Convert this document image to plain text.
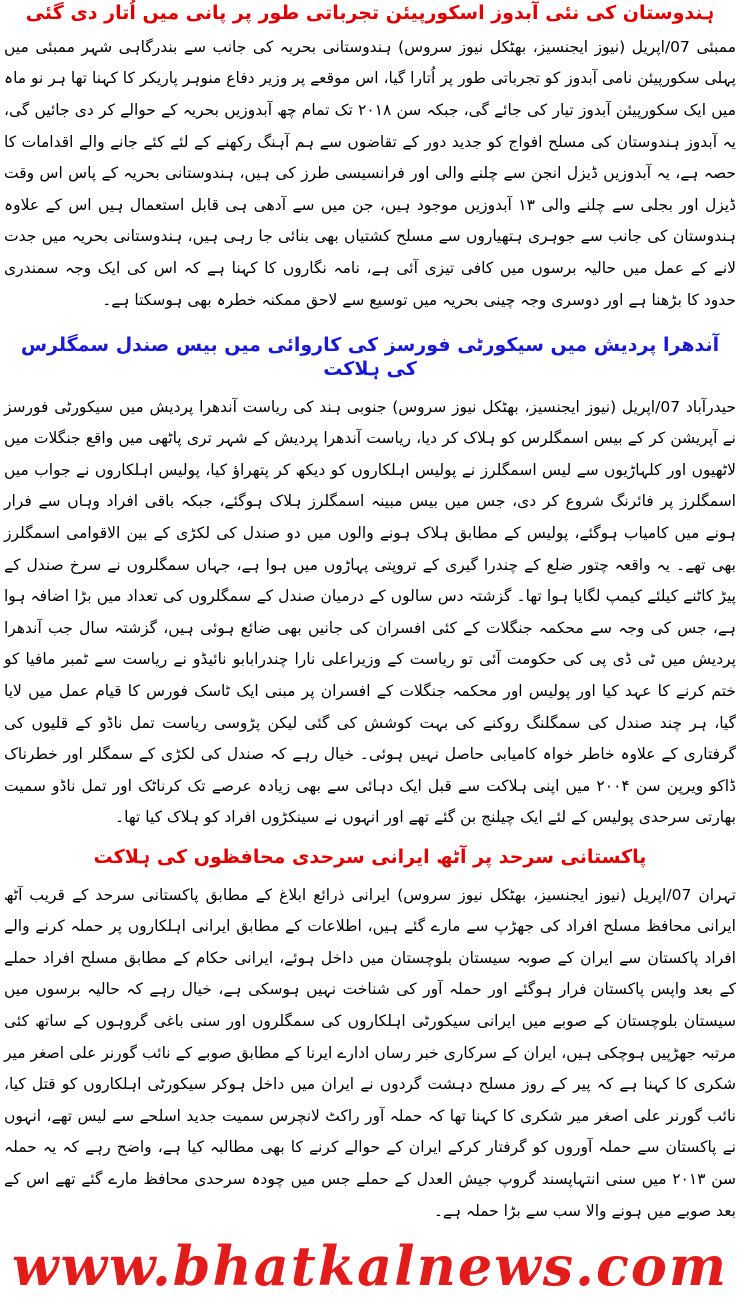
ہندوستان کی نئی آبدوز اسکورپیئن تجرباتی طور پر پانی میں اُتار دی گئی

ممبئی 07/اپریل (نیوز ایجنسیز، بھٹکل نیوز سروس) ہندوستانی بحریہ کی جانب سے بندرگاہی شہر ممبئی میں پہلی سکورپیئن نامی آبدوز کو تجرباتی طور پر اُتارا گیا، اس موقعے پر وزیر دفاع منوہر پاریکر کا کہنا تھا ہر نو ماہ میں ایک سکورپیئن آبدوز تیار کی جائے گی، جبکہ سن ۲۰۱۸ تک تمام چھ آبدوزیں بحریہ کے حوالے کر دی جائیں گی، یہ آبدوز ہندوستان کی مسلح افواج کو جدید دور کے تقاضوں سے ہم آہنگ رکھنے کے لئے کئے جانے والے اقدامات کا حصہ ہے، یہ آبدوزیں ڈیزل انجن سے چلنے والی اور فرانسیسی طرز کی ہیں، ہندوستانی بحریہ کے پاس اس وقت ڈیزل اور بجلی سے چلنے والی ۱۳ آبدوزیں موجود ہیں، جن میں سے آدھی ہی قابل استعمال ہیں اس کے علاوہ ہندوستان کی جانب سے جوہری ہتھیاروں سے مسلح کشتیاں بھی بنائی جا رہی ہیں، ہندوستانی بحریہ میں جدت لانے کے عمل میں حالیہ برسوں میں کافی تیزی آئی ہے، نامہ نگاروں کا کہنا ہے کہ اس کی ایک وجہ سمندری حدود کا بڑھنا ہے اور دوسری وجہ چینی بحریہ میں توسیع سے لاحق ممکنہ خطرہ بھی ہوسکتا ہے۔

آندھرا پردیش میں سیکورٹی فورسز کی کاروائی میں بیس صندل سمگلرس کی ہلاکت

حیدرآباد 07/اپریل (نیوز ایجنسیز، بھٹکل نیوز سروس) جنوبی ہند کی ریاست آندھرا پردیش میں سیکورٹی فورسز نے آپریشن کر کے بیس اسمگلرس کو ہلاک کر دیا، ریاست آندھرا پردیش کے شہر تری پاٹھی میں واقع جنگلات میں لاٹھیوں اور کلہاڑیوں سے لیس اسمگلرز نے پولیس اہلکاروں کو دیکھ کر پتھراؤ کیا، پولیس اہلکاروں نے جواب میں اسمگلرز پر فائرنگ شروع کر دی، جس میں بیس مبینہ اسمگلرز ہلاک ہوگئے، جبکہ باقی افراد وہاں سے فرار ہونے میں کامیاب ہوگئے، پولیس کے مطابق ہلاک ہونے والوں میں دو صندل کی لکڑی کے بین الاقوامی اسمگلرز بھی تھے۔ یہ واقعہ چتور ضلع کے چندرا گیری کے تروپتی پہاڑوں میں ہوا ہے، جہاں سمگلروں نے سرخ صندل کے پیڑ کاٹنے کیلئے کیمپ لگایا ہوا تھا۔ گزشتہ دس سالوں کے درمیان صندل کے سمگلروں کی تعداد میں بڑا اضافہ ہوا ہے، جس کی وجہ سے محکمہ جنگلات کے کئی افسران کی جانیں بھی ضائع ہوئی ہیں، گزشتہ سال جب آندھرا پردیش میں ٹی ڈی پی کی حکومت آئی تو ریاست کے وزیراعلی نارا چندرابابو نائیڈو نے ریاست سے ٹمبر مافیا کو ختم کرنے کا عہد کیا اور پولیس اور محکمہ جنگلات کے افسران پر مبنی ایک ٹاسک فورس کا قیام عمل میں لایا گیا، ہر چند صندل کی سمگلنگ روکنے کی بہت کوشش کی گئی لیکن پڑوسی ریاست تمل ناڈو کے قلیوں کی گرفتاری کے علاوہ خاطر خواہ کامیابی حاصل نہیں ہوئی۔ خیال رہے کہ صندل کی لکڑی کے سمگلر اور خطرناک ڈاکو ویرپن سن ۲۰۰۴ میں اپنی ہلاکت سے قبل ایک دہائی سے بھی زیادہ عرصے تک کرناٹک اور تمل ناڈو سمیت بھارتی سرحدی پولیس کے لئے ایک چیلنج بن گئے تھے اور انہوں نے سینکڑوں افراد کو ہلاک کیا تھا۔

پاکستانی سرحد پر آٹھ ایرانی سرحدی محافظوں کی ہلاکت

تہران 07/اپریل (نیوز ایجنسیز، بھٹکل نیوز سروس) ایرانی ذرائع ابلاغ کے مطابق پاکستانی سرحد کے قریب آٹھ ایرانی محافظ مسلح افراد کی جھڑپ سے مارے گئے ہیں، اطلاعات کے مطابق ایرانی اہلکاروں پر حملہ کرنے والے افراد پاکستان سے ایران کے صوبہ سیستان بلوچستان میں داخل ہوئے، ایرانی حکام کے مطابق مسلح افراد حملے کے بعد واپس پاکستان فرار ہوگئے اور حملہ آور کی شناخت نہیں ہوسکی ہے، خیال رہے کہ حالیہ برسوں میں سیستان بلوچستان کے صوبے میں ایرانی سیکورٹی اہلکاروں کی سمگلروں اور سنی باغی گروہوں کے ساتھ کئی مرتبہ جھڑپیں ہوچکی ہیں، ایران کے سرکاری خبر رساں ادارے ایرنا کے مطابق صوبے کے نائب گورنر علی اصغر میر شکری کا کہنا ہے کہ پیر کے روز مسلح دہشت گردوں نے ایران میں داخل ہوکر سیکورٹی اہلکاروں کو قتل کیا، نائب گورنر علی اصغر میر شکری کا کہنا تھا کہ حملہ آور راکٹ لانچرس سمیت جدید اسلحے سے لیس تھے، انہوں نے پاکستان سے حملہ آوروں کو گرفتار کرکے ایران کے حوالے کرنے کا بھی مطالبہ کیا ہے، واضح رہے کہ یہ حملہ سن ۲۰۱۳ میں سنی انتہاپسند گروپ جیش العدل کے حملے جس میں چودہ سرحدی محافظ مارے گئے تھے اس کے بعد صوبے میں ہونے والا سب سے بڑا حملہ ہے۔

www.bhatkalnews.com
